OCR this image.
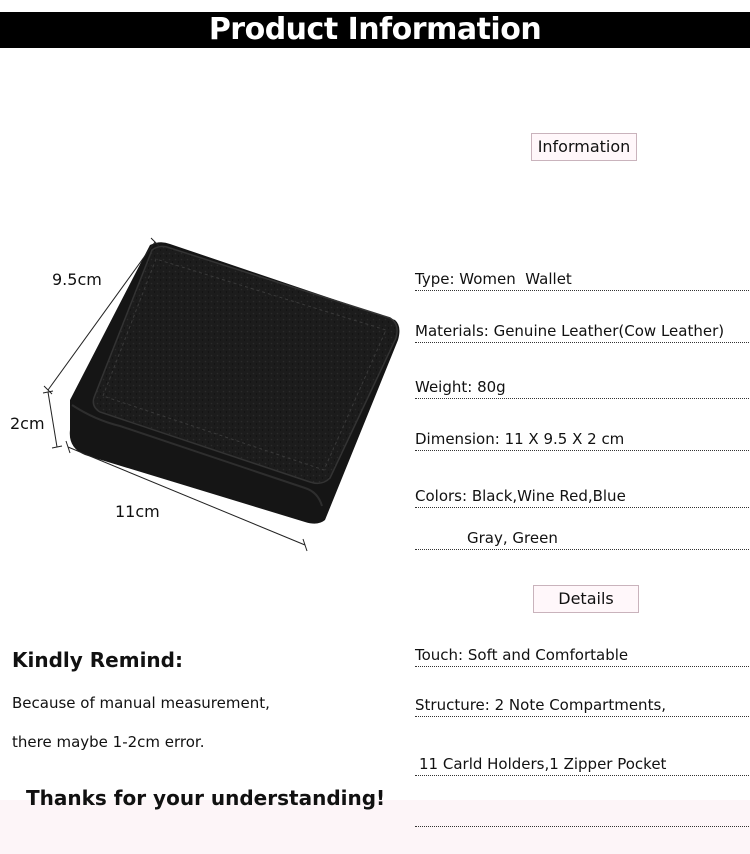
Product Information
9.5cm
2cm
11cm
Information
Details
Type: Women  Wallet
Materials: Genuine Leather(Cow Leather)
Weight: 80g
Dimension: 11 X 9.5 X 2 cm
Colors: Black,Wine Red,Blue
Gray, Green
Touch: Soft and Comfortable
Structure: 2 Note Compartments,
11 Carld Holders,1 Zipper Pocket
Kindly Remind:
Because of manual measurement,
there maybe 1-2cm error.
Thanks for your understanding!
